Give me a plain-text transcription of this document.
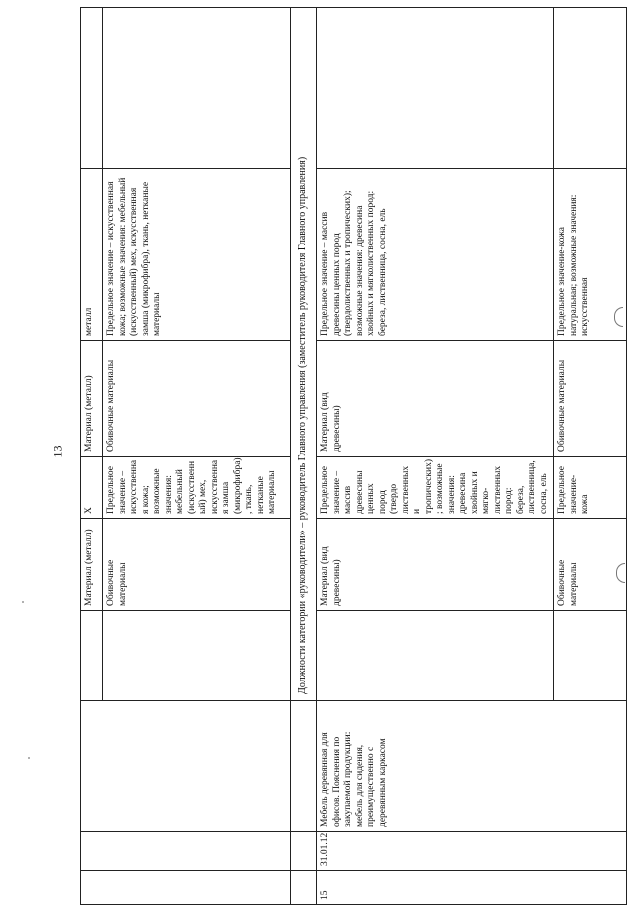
13
				Материал (металл)	X	Материал (металл)	металл	
				Обивочные материалы	Предельное значение – искусственна я кожа; возможные значения: мебельный (искусственн ый) мех, искусственна я замша (микрофибра) , ткань, нетканые материалы	Обивочные материалы	Предельное значение – искусственная кожа; возможные значения: мебельный (искусственный) мех, искусственная замша (микрофибра), ткань, нетканые материалы	
			Должности категории «руководители» – руководитель Главного управления (заместитель руководителя Главного управления)					
15	31.01.12	Мебель деревянная для офисов. Пояснения по закупаемой продукции: мебель для сидения, преимущественно с деревянным каркасом		Материал (вид древесины)	Предельное значение – массив древесины ценных пород (твердо лиственных и тропических) ; возможные значения: древесина хвойных и мягко-лиственных пород: береза, лиственница, сосна, ель	Материал (вид древесины)	Предельное значение – массив древесины ценных пород (твердолиственных и тропических); возможные значения: древесина хвойных и мягколиственных пород: береза, лиственница, сосна, ель	
				Обивочные материалы	Предельное значение-кожа	Обивочные материалы	Предельное значение-кожа натуральная; возможные значения: искусственная	
